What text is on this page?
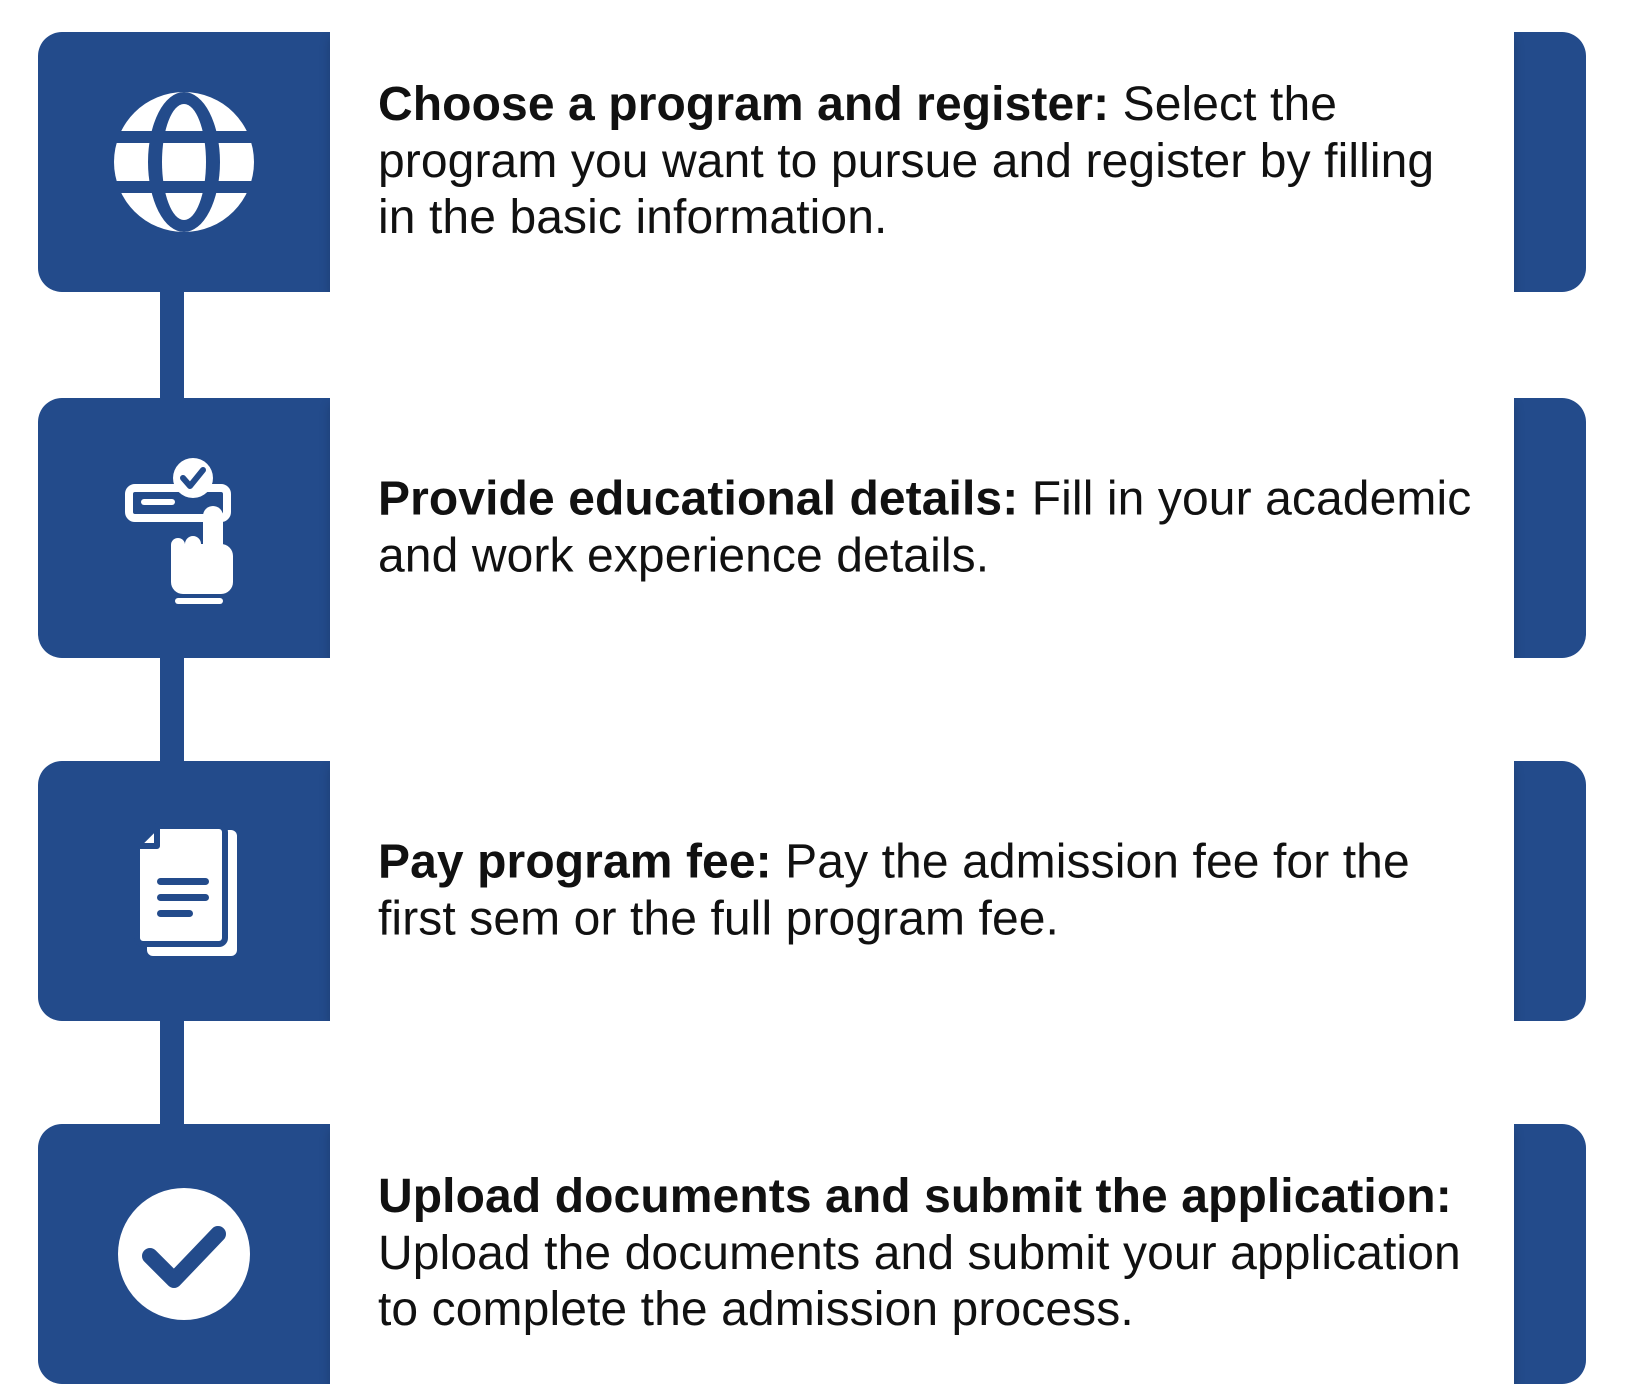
Choose a program and register: Select the program you want to pursue and register by filling in the basic information.
Provide educational details: Fill in your academic and work experience details.
Pay program fee: Pay the admission fee for the first sem or the full program fee.
Upload documents and submit the application: Upload the documents and submit your application to complete the admission process.
